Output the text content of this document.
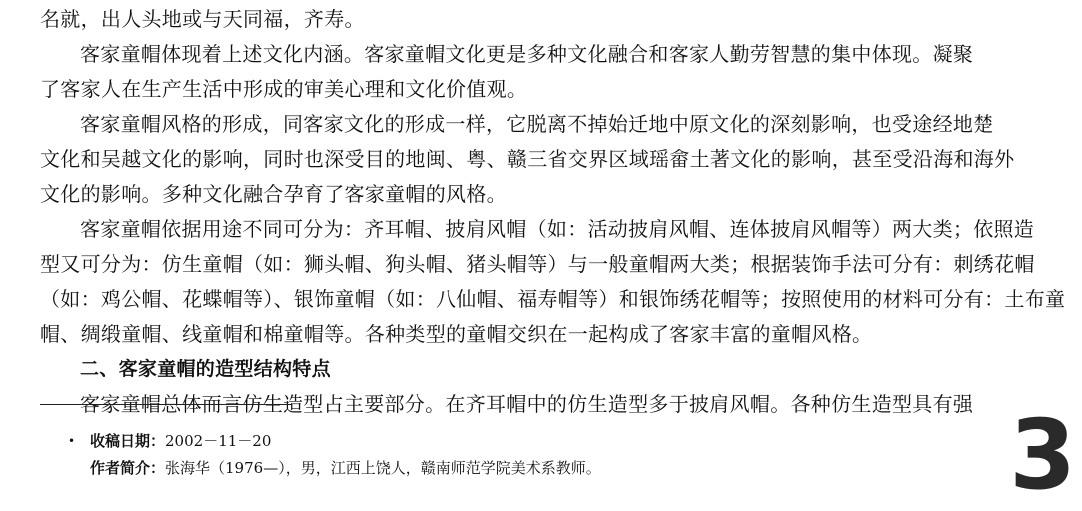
名就，出人头地或与天同福，齐寿。
客家童帽体现着上述文化内涵。客家童帽文化更是多种文化融合和客家人勤劳智慧的集中体现。凝聚
了客家人在生产生活中形成的审美心理和文化价值观。
客家童帽风格的形成，同客家文化的形成一样，它脱离不掉始迁地中原文化的深刻影响，也受途经地楚
文化和吴越文化的影响，同时也深受目的地闽、粤、赣三省交界区域瑶畲土著文化的影响，甚至受沿海和海外
文化的影响。多种文化融合孕育了客家童帽的风格。
客家童帽依据用途不同可分为：齐耳帽、披肩风帽（如：活动披肩风帽、连体披肩风帽等）两大类；依照造
型又可分为：仿生童帽（如：狮头帽、狗头帽、猪头帽等）与一般童帽两大类；根据装饰手法可分有：刺绣花帽
（如：鸡公帽、花蝶帽等）、银饰童帽（如：八仙帽、福寿帽等）和银饰绣花帽等；按照使用的材料可分有：土布童
帽、绸缎童帽、线童帽和棉童帽等。各种类型的童帽交织在一起构成了客家丰富的童帽风格。
二、客家童帽的造型结构特点
客家童帽总体而言仿生造型占主要部分。在齐耳帽中的仿生造型多于披肩风帽。各种仿生造型具有强
• 收稿日期：2002－11－20
作者简介：张海华（1976—），男，江西上饶人，赣南师范学院美术系教师。	3
